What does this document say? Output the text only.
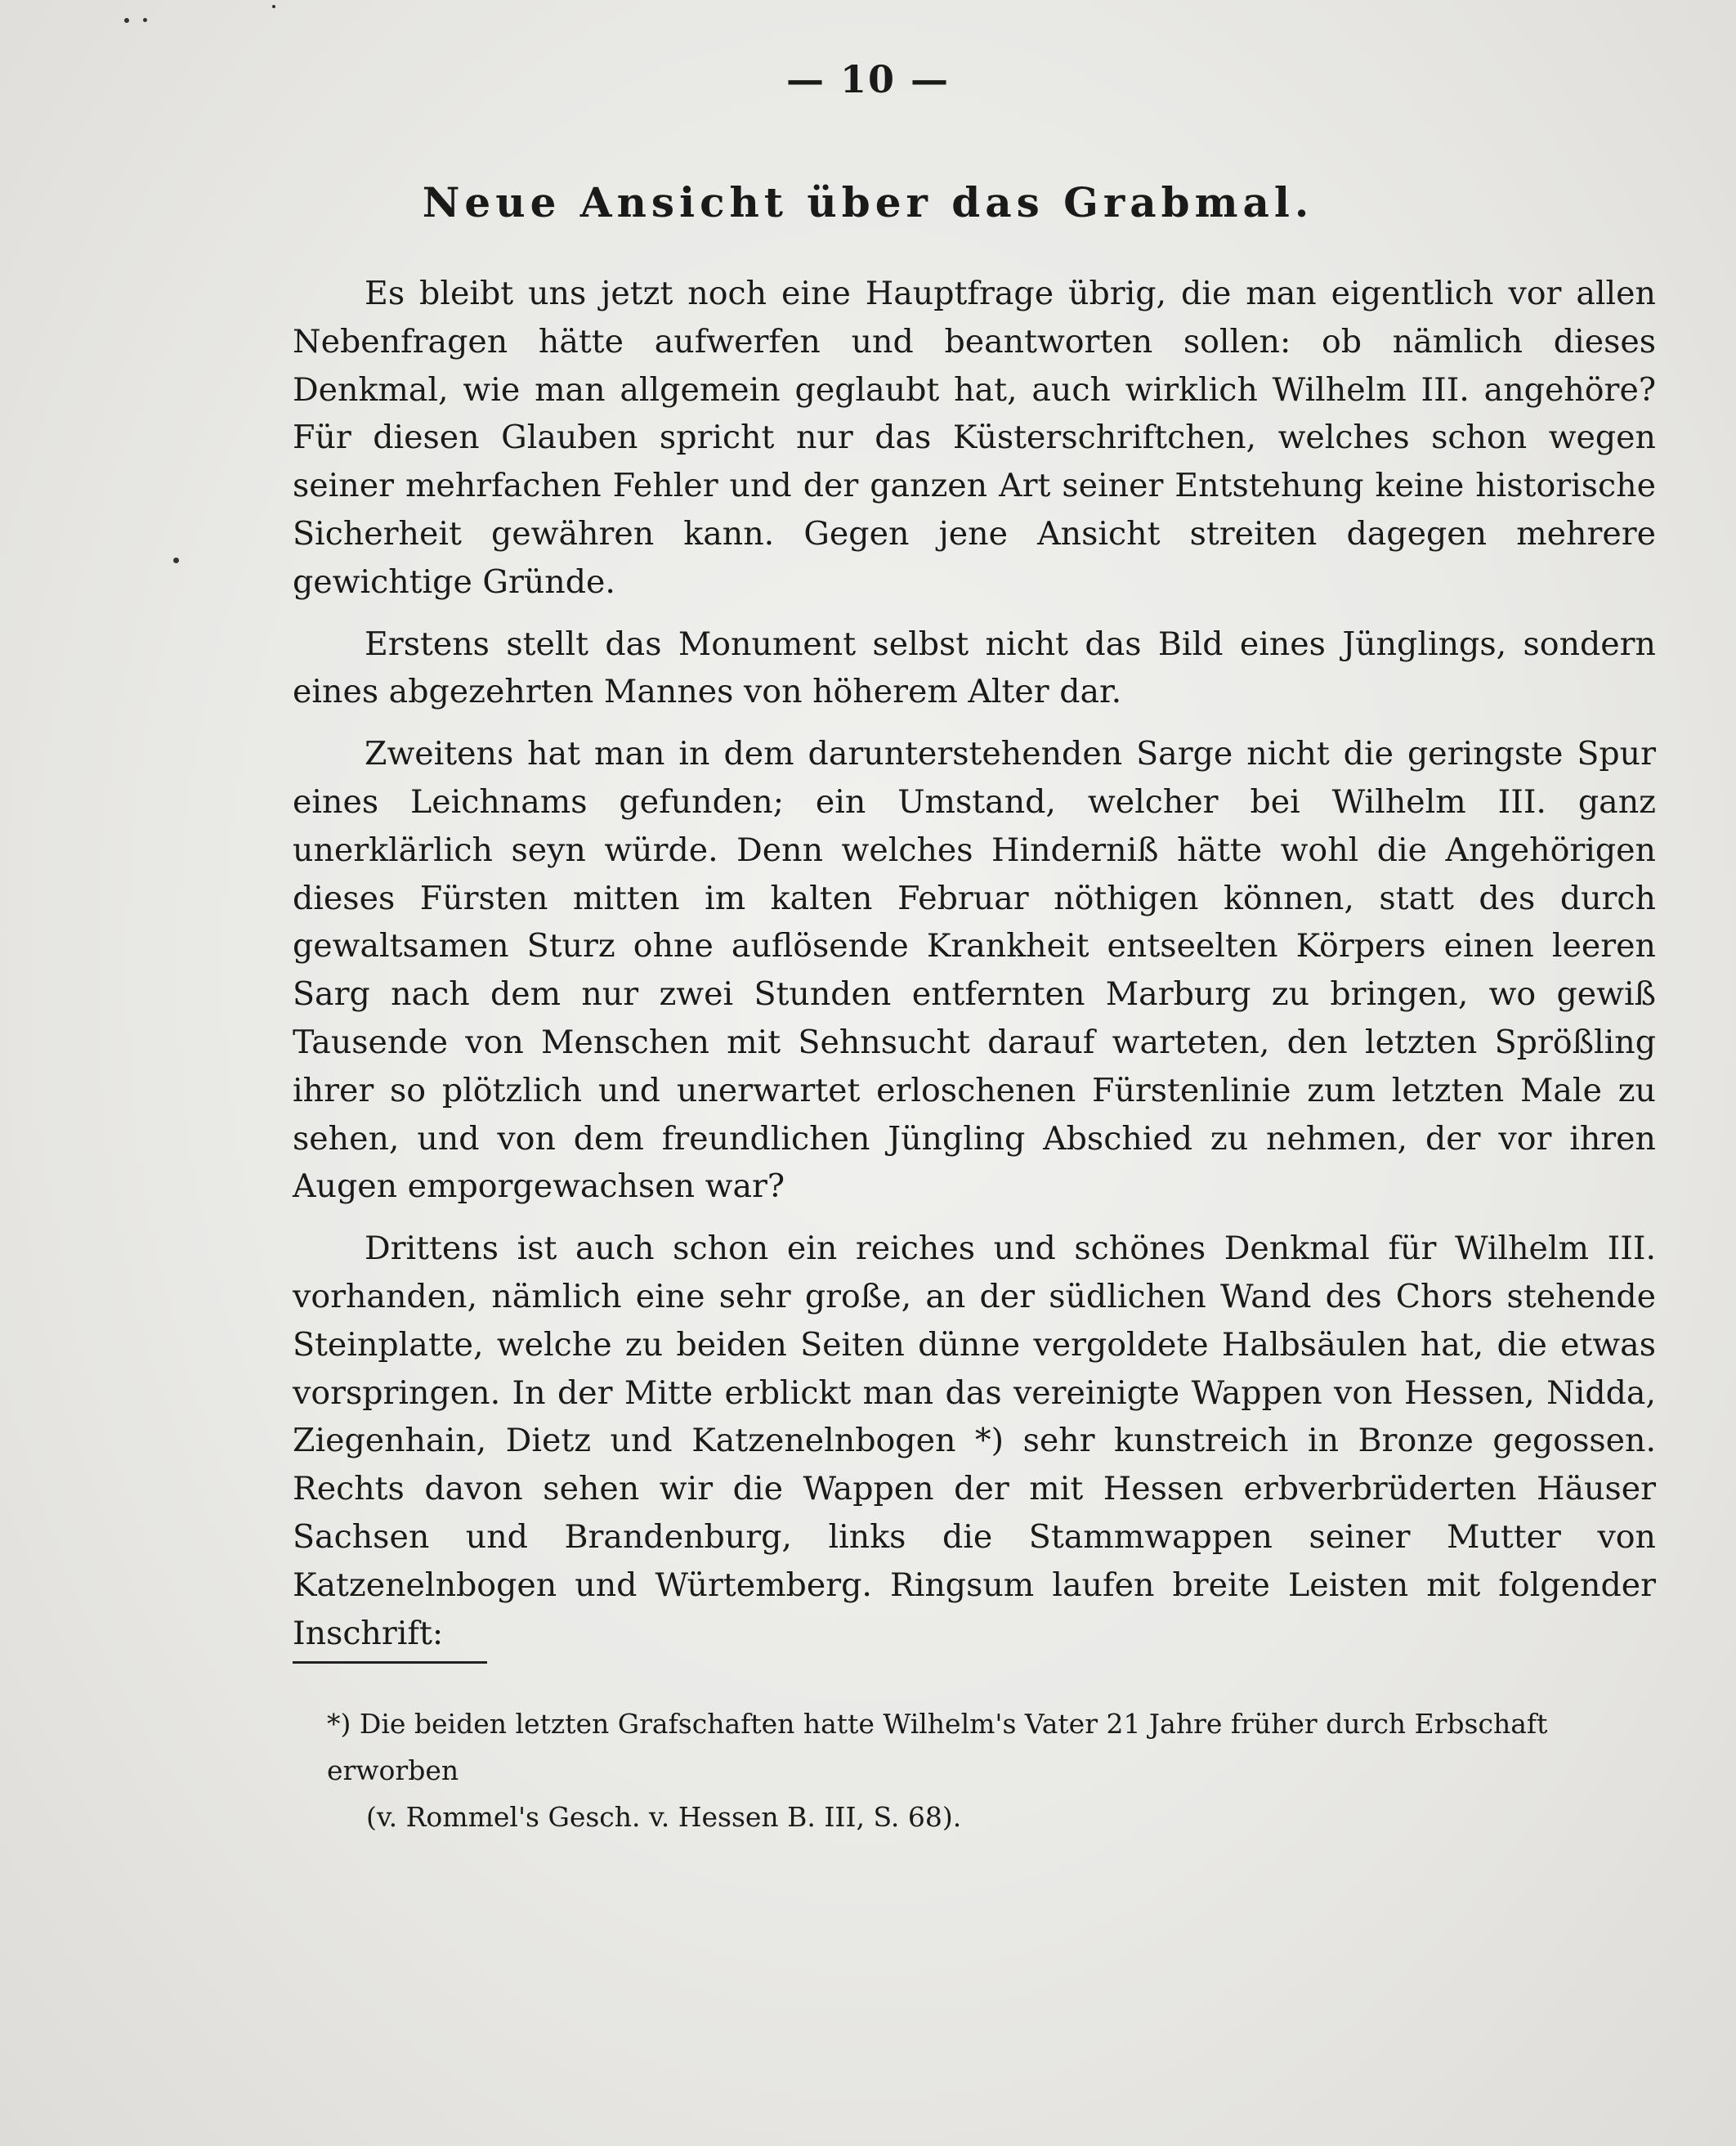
— 10 —
Neue Ansicht über das Grabmal.

Es bleibt uns jetzt noch eine Hauptfrage übrig, die man eigentlich vor allen Nebenfragen hätte aufwerfen und beantworten sollen: ob nämlich dieses Denkmal, wie man allgemein geglaubt hat, auch wirklich Wilhelm III. angehöre? Für diesen Glauben spricht nur das Küsterschriftchen, welches schon wegen seiner mehrfachen Fehler und der ganzen Art seiner Entstehung keine historische Sicherheit gewähren kann. Gegen jene Ansicht streiten dagegen mehrere gewichtige Gründe.

Erstens stellt das Monument selbst nicht das Bild eines Jünglings, sondern eines abgezehrten Mannes von höherem Alter dar.

Zweitens hat man in dem darunterstehenden Sarge nicht die geringste Spur eines Leichnams gefunden; ein Umstand, welcher bei Wilhelm III. ganz unerklärlich seyn würde. Denn welches Hinderniß hätte wohl die Angehörigen dieses Fürsten mitten im kalten Februar nöthigen können, statt des durch gewaltsamen Sturz ohne auflösende Krankheit entseelten Körpers einen leeren Sarg nach dem nur zwei Stunden entfernten Marburg zu bringen, wo gewiß Tausende von Menschen mit Sehnsucht darauf warteten, den letzten Sprößling ihrer so plötzlich und unerwartet erloschenen Fürstenlinie zum letzten Male zu sehen, und von dem freundlichen Jüngling Abschied zu nehmen, der vor ihren Augen emporgewachsen war?

Drittens ist auch schon ein reiches und schönes Denkmal für Wilhelm III. vorhanden, nämlich eine sehr große, an der südlichen Wand des Chors stehende Steinplatte, welche zu beiden Seiten dünne vergoldete Halbsäulen hat, die etwas vorspringen. In der Mitte erblickt man das vereinigte Wappen von Hessen, Nidda, Ziegenhain, Dietz und Katzenelnbogen *) sehr kunstreich in Bronze gegossen. Rechts davon sehen wir die Wappen der mit Hessen erbverbrüderten Häuser Sachsen und Brandenburg, links die Stammwappen seiner Mutter von Katzenelnbogen und Würtemberg. Ringsum laufen breite Leisten mit folgender Inschrift:

*) Die beiden letzten Grafschaften hatte Wilhelm's Vater 21 Jahre früher durch Erbschaft erworben
(v. Rommel's Gesch. v. Hessen B. III, S. 68).
